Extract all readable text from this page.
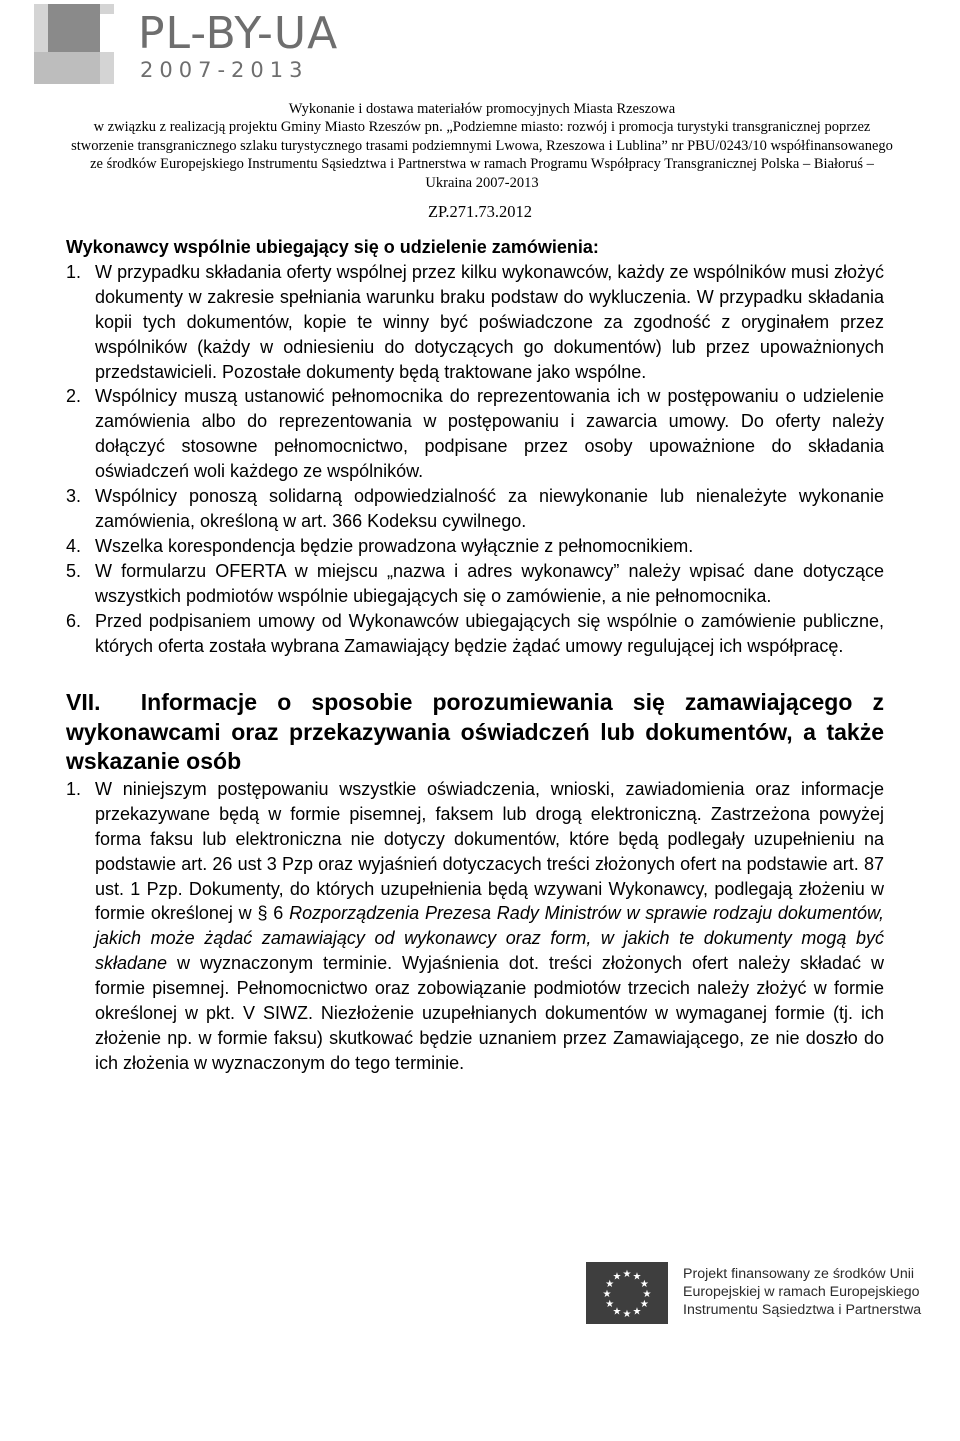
PL-BY-UA
2007-2013
Wykonanie i dostawa materiałów promocyjnych Miasta Rzeszowa
w związku z realizacją projektu Gminy Miasto Rzeszów pn. „Podziemne miasto: rozwój i promocja turystyki transgranicznej poprzez
stworzenie transgranicznego szlaku turystycznego trasami podziemnymi Lwowa, Rzeszowa i Lublina” nr PBU/0243/10 współfinansowanego
ze środków Europejskiego Instrumentu Sąsiedztwa i Partnerstwa w ramach Programu Współpracy Transgranicznej Polska – Białoruś –
Ukraina 2007-2013
ZP.271.73.2012

Wykonawcy wspólnie ubiegający się o udzielenie zamówienia:

1. W przypadku składania oferty wspólnej przez kilku wykonawców, każdy ze wspólników musi złożyć dokumenty w zakresie spełniania warunku braku podstaw do wykluczenia. W przypadku składania kopii tych dokumentów, kopie te winny być poświadczone za zgodność z oryginałem przez wspólników (każdy w odniesieniu do dotyczących go dokumentów) lub przez upoważnionych przedstawicieli. Pozostałe dokumenty będą traktowane jako wspólne.

2. Wspólnicy muszą ustanowić pełnomocnika do reprezentowania ich w postępowaniu o udzielenie zamówienia albo do reprezentowania w postępowaniu i zawarcia umowy. Do oferty należy dołączyć stosowne pełnomocnictwo, podpisane przez osoby upoważnione do składania oświadczeń woli każdego ze wspólników.

3. Wspólnicy ponoszą solidarną odpowiedzialność za niewykonanie lub nienależyte wykonanie zamówienia, określoną w art. 366 Kodeksu cywilnego.

4. Wszelka korespondencja będzie prowadzona wyłącznie z pełnomocnikiem.

5. W formularzu OFERTA w miejscu „nazwa i adres wykonawcy” należy wpisać dane dotyczące wszystkich podmiotów wspólnie ubiegających się o zamówienie, a nie pełnomocnika.

6. Przed podpisaniem umowy od Wykonawców ubiegających się wspólnie o zamówienie publiczne, których oferta została wybrana Zamawiający będzie żądać umowy regulującej ich współpracę.

VII. Informacje o sposobie porozumiewania się zamawiającego z wykonawcami oraz przekazywania oświadczeń lub dokumentów, a także wskazanie osób

1. W niniejszym postępowaniu wszystkie oświadczenia, wnioski, zawiadomienia oraz informacje przekazywane będą w formie pisemnej, faksem lub drogą elektroniczną. Zastrzeżona powyżej forma faksu lub elektroniczna nie dotyczy dokumentów, które będą podlegały uzupełnieniu na podstawie art. 26 ust 3 Pzp oraz wyjaśnień dotyczacych treści złożonych ofert na podstawie art. 87 ust. 1 Pzp. Dokumenty, do których uzupełnienia będą wzywani Wykonawcy, podlegają złożeniu w formie określonej w § 6 Rozporządzenia Prezesa Rady Ministrów w sprawie rodzaju dokumentów, jakich może żądać zamawiający od wykonawcy oraz form, w jakich te dokumenty mogą być składane w wyznaczonym terminie. Wyjaśnienia dot. treści złożonych ofert należy składać w formie pisemnej. Pełnomocnictwo oraz zobowiązanie podmiotów trzecich należy złożyć w formie określonej w pkt. V SIWZ. Niezłożenie uzupełnianych dokumentów w wymaganej formie (tj. ich złożenie np. w formie faksu) skutkować będzie uznaniem przez Zamawiającego, ze nie doszło do ich złożenia w wyznaczonym do tego terminie.

★ ★
★
★
★
★
★
★
★
★
★
★	Projekt finansowany ze środków Unii
Europejskiej w ramach Europejskiego
Instrumentu Sąsiedztwa i Partnerstwa
